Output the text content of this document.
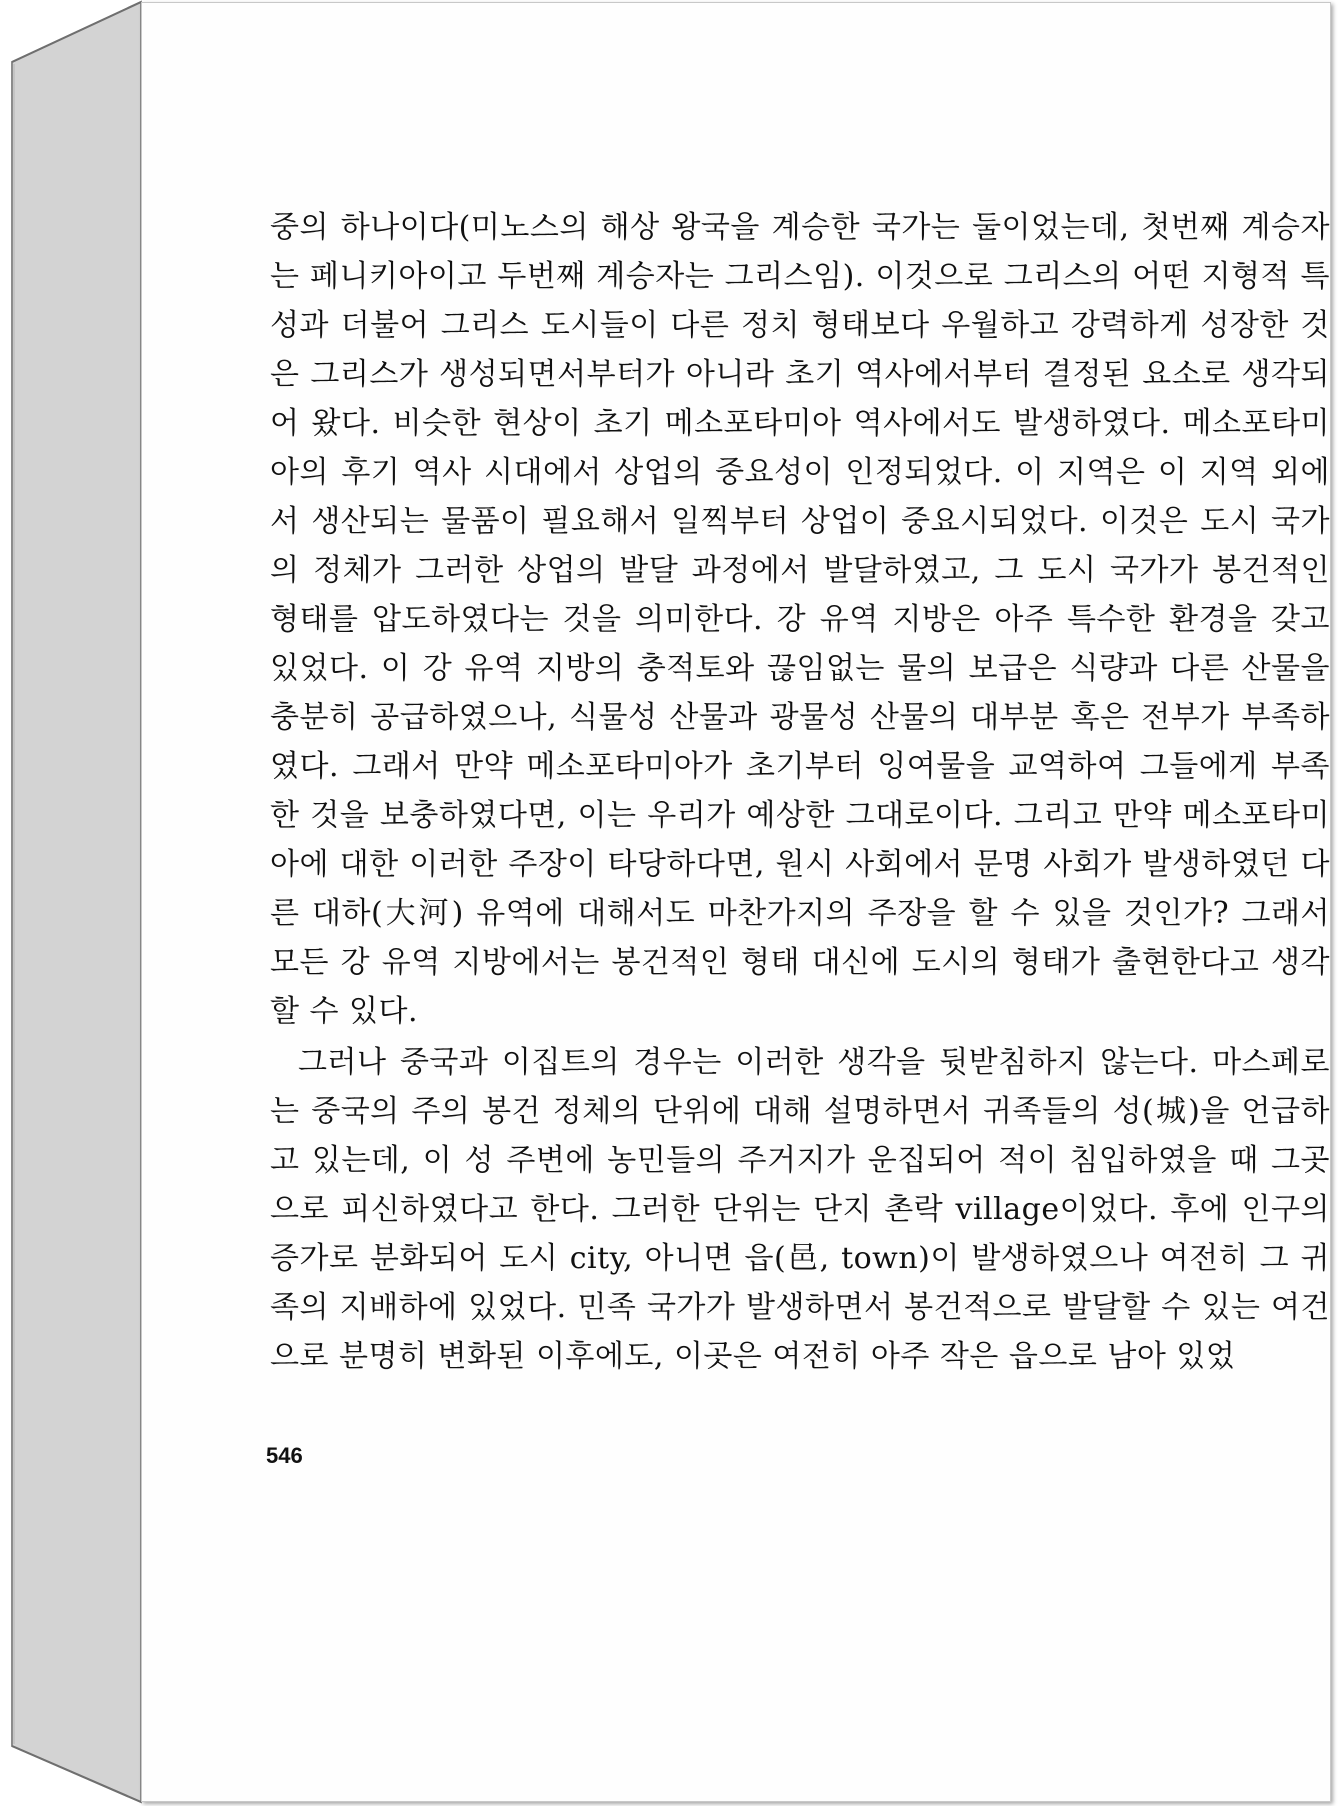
중의 하나이다(미노스의 해상 왕국을 계승한 국가는 둘이었는데, 첫번째 계승자는 페니키아이고 두번째 계승자는 그리스임). 이것으로 그리스의 어떤 지형적 특성과 더불어 그리스 도시들이 다른 정치 형태보다 우월하고 강력하게 성장한 것은 그리스가 생성되면서부터가 아니라 초기 역사에서부터 결정된 요소로 생각되어 왔다. 비슷한 현상이 초기 메소포타미아 역사에서도 발생하였다. 메소포타미아의 후기 역사 시대에서 상업의 중요성이 인정되었다. 이 지역은 이 지역 외에서 생산되는 물품이 필요해서 일찍부터 상업이 중요시되었다. 이것은 도시 국가의 정체가 그러한 상업의 발달 과정에서 발달하였고, 그 도시 국가가 봉건적인 형태를 압도하였다는 것을 의미한다. 강 유역 지방은 아주 특수한 환경을 갖고 있었다. 이 강 유역 지방의 충적토와 끊임없는 물의 보급은 식량과 다른 산물을 충분히 공급하였으나, 식물성 산물과 광물성 산물의 대부분 혹은 전부가 부족하였다. 그래서 만약 메소포타미아가 초기부터 잉여물을 교역하여 그들에게 부족한 것을 보충하였다면, 이는 우리가 예상한 그대로이다. 그리고 만약 메소포타미아에 대한 이러한 주장이 타당하다면, 원시 사회에서 문명 사회가 발생하였던 다른 대하(大河) 유역에 대해서도 마찬가지의 주장을 할 수 있을 것인가? 그래서 모든 강 유역 지방에서는 봉건적인 형태 대신에 도시의 형태가 출현한다고 생각할 수 있다.

그러나 중국과 이집트의 경우는 이러한 생각을 뒷받침하지 않는다. 마스페로는 중국의 주의 봉건 정체의 단위에 대해 설명하면서 귀족들의 성(城)을 언급하고 있는데, 이 성 주변에 농민들의 주거지가 운집되어 적이 침입하였을 때 그곳으로 피신하였다고 한다. 그러한 단위는 단지 촌락 village이었다. 후에 인구의 증가로 분화되어 도시 city, 아니면 읍(邑, town)이 발생하였으나 여전히 그 귀족의 지배하에 있었다. 민족 국가가 발생하면서 봉건적으로 발달할 수 있는 여건으로 분명히 변화된 이후에도, 이곳은 여전히 아주 작은 읍으로 남아 있었

546
